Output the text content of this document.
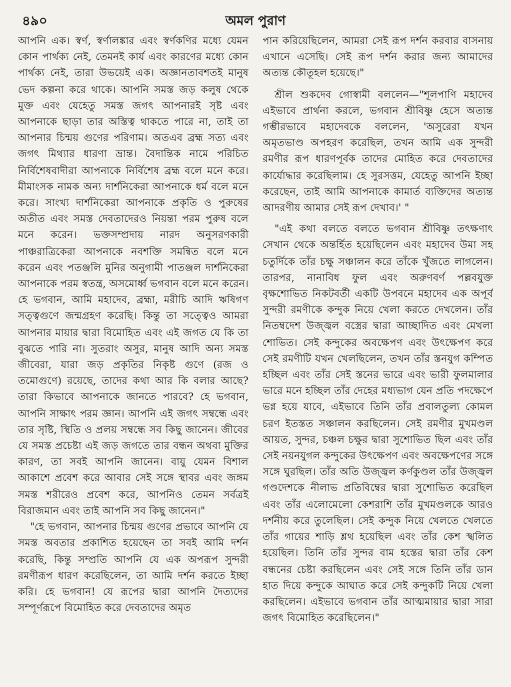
৪৯০	অমল পুরাণ

আপনি এক। স্বর্ণ, স্বর্ণালঙ্কার এবং স্বর্ণকণির মধ্যে যেমন কোন পার্থক্য নেই, তেমনই কার্য এবং কারণের মধ্যে কোন পার্থক্য নেই, তারা উভয়েই এক। অজ্ঞানতাবশতই মানুষ ভেদ কল্পনা করে থাকে। আপনি সমস্ত জড় কলুষ থেকে মুক্ত এবং যেহেতু সমস্ত জগৎ আপনারই সৃষ্ট এবং আপনাকে ছাড়া তার অস্তিত্ব থাকতে পারে না, তাই তা আপনার চিন্ময় গুণের পরিণাম। অতএব ব্রহ্ম সত্য এবং জগৎ মিথ্যার ধারণা ভ্রান্ত। বৈদান্তিক নামে পরিচিত নির্বিশেষবাদীরা আপনাকে নির্বিশেষ ব্রহ্ম বলে মনে করে। মীমাংসক নামক অন্য দার্শনিকেরা আপনাকে ধর্ম বলে মনে করে। সাংখ্য দার্শনিকেরা আপনাকে প্রকৃতি ও পুরুষের অতীত এবং সমস্ত দেবতাদেরও নিয়ন্তা পরম পুরুষ বলে মনে করেন। ভক্তসম্প্রদায় নারদ অনুসরণকারী পাঞ্চরাত্রিকেরা আপনাকে নবশক্তি সমন্বিত বলে মনে করেন এবং পতঞ্জলি মুনির অনুগামী পাতঞ্জল দার্শনিকেরা আপনাকে পরম স্বতন্ত্র, অসমোর্ধ্ব ভগবান বলে মনে করেন। হে ভগবান, আমি মহাদেব, ব্রহ্মা, মরীচি আদি ঋষিগণ সত্ত্বগুণে জন্মগ্রহণ করেছি। কিন্তু তা সত্ত্বেও আমরা আপনার মায়ার দ্বারা বিমোহিত এবং এই জগত যে কি তা বুঝতে পারি না। সুতরাং অসুর, মানুষ আদি অন্য সমস্ত জীবেরা, যারা জড় প্রকৃতির নিকৃষ্ট গুণে (রজ ও তমোগুণে) রয়েছে, তাদের কথা আর কি বলার আছে? তারা কিভাবে আপনাকে জানতে পারবে? হে ভগবান, আপনি সাক্ষাৎ পরম জ্ঞান। আপনি এই জগৎ সম্বন্ধে এবং তার সৃষ্টি, স্থিতি ও প্রলয় সম্বন্ধে সব কিছু জানেন। জীবের যে সমস্ত প্রচেষ্টা এই জড় জগতে তার বন্ধন অথবা মুক্তির কারণ, তা সবই আপনি জানেন। বায়ু যেমন বিশাল আকাশে প্রবেশ করে আবার সেই সঙ্গে স্থাবর এবং জঙ্গম সমস্ত শরীরেও প্রবেশ করে, আপনিও তেমন সর্বত্রই বিরাজমান এবং তাই আপনি সব কিছু জানেন।"

"হে ভগবান, আপনার চিন্ময় গুণের প্রভাবে আপনি যে সমস্ত অবতার প্রকাশিত হয়েছেন তা সবই আমি দর্শন করেছি, কিন্তু সম্প্রতি আপনি যে এক অপরূপ সুন্দরী রমণীরূপ ধারণ করেছিলেন, তা আমি দর্শন করতে ইচ্ছা করি। হে ভগবান! যে রূপের দ্বারা আপনি দৈত্যদের সম্পূর্ণরূপে বিমোহিত করে দেবতাদের অমৃত

পান করিয়েছিলেন, আমরা সেই রূপ দর্শন করবার বাসনায় এখানে এসেছি। সেই রূপ দর্শন করার জন্য আমাদের অত্যন্ত কৌতূহল হয়েছে।"

শ্রীল শুকদেব গোস্বামী বললেন—"শূলপাণি মহাদেব এইভাবে প্রার্থনা করলে, ভগবান শ্রীবিষ্ণু হেসে অত্যন্ত গম্ভীরভাবে মহাদেবকে বললেন, 'অসুরেরা যখন অমৃতভাণ্ড অপহরণ করেছিল, তখন আমি এক সুন্দরী রমণীর রূপ ধারণপূর্বক তাদের মোহিত করে দেবতাদের কার্যোদ্ধার করেছিলাম। হে সুরসত্তম, যেহেতু আপনি ইচ্ছা করেছেন, তাই আমি আপনাকে কামার্ত ব্যক্তিদের অত্যন্ত আদরণীয় আমার সেই রূপ দেখাব।' "

"এই কথা বলতে বলতে ভগবান শ্রীবিষ্ণু তৎক্ষণাৎ সেখান থেকে অন্তর্হিত হয়েছিলেন এবং মহাদেব উমা সহ চতুর্দিকে তাঁর চক্ষু সঞ্চালন করে তাঁকে খুঁজতে লাগলেন। তারপর, নানাবিধ ফুল এবং অরুণবর্ণ পল্লবযুক্ত বৃক্ষশোভিত নিকটবর্তী একটি উপবনে মহাদেব এক অপূর্ব সুন্দরী রমণীকে কন্দুক নিয়ে খেলা করতে দেখলেন। তাঁর নিতম্বদেশ উজ্জ্বল বস্ত্রের দ্বারা আচ্ছাদিত এবং মেখলা শোভিত। সেই কন্দুকের অবক্ষেপণ এবং উৎক্ষেপণ করে সেই রমণীটি যখন খেলছিলেন, তখন তাঁর স্তনযুগ কম্পিত হচ্ছিল এবং তাঁর সেই স্তনের ভারে এবং ভারী ফুলমালার ভারে মনে হচ্ছিল তাঁর দেহের মধ্যভাগ যেন প্রতি পদক্ষেপে ভগ্ন হয়ে যাবে, এইভাবে তিনি তাঁর প্রবালতুল্য কোমল চরণ ইতস্তত সঞ্চালন করছিলেন। সেই রমণীর মুখমণ্ডল আয়ত, সুন্দর, চঞ্চল চক্ষুর দ্বারা সুশোভিত ছিল এবং তাঁর সেই নয়নযুগল কন্দুকের উৎক্ষেপণ এবং অবক্ষেপণের সঙ্গে সঙ্গে ঘুরছিল। তাঁর অতি উজ্জ্বল কর্ণকুণ্ডল তাঁর উজ্জ্বল গণ্ডদেশকে নীলাভ প্রতিবিম্বের দ্বারা সুশোভিত করেছিল এবং তাঁর এলোমেলো কেশরাশি তাঁর মুখমণ্ডলকে আরও দর্শনীয় করে তুলেছিল। সেই কন্দুক নিয়ে খেলতে খেলতে তাঁর গায়ের শাড়ি শ্লথ হয়েছিল এবং তাঁর কেশ স্খলিত হয়েছিল। তিনি তাঁর সুন্দর বাম হস্তের দ্বারা তাঁর কেশ বন্ধনের চেষ্টা করছিলেন এবং সেই সঙ্গে তিনি তাঁর ডান হাত দিয়ে কন্দুকে আঘাত করে সেই কন্দুকটি নিয়ে খেলা করছিলেন। এইভাবে ভগবান তাঁর আত্মমায়ার দ্বারা সারা জগৎ বিমোহিত করেছিলেন।"
